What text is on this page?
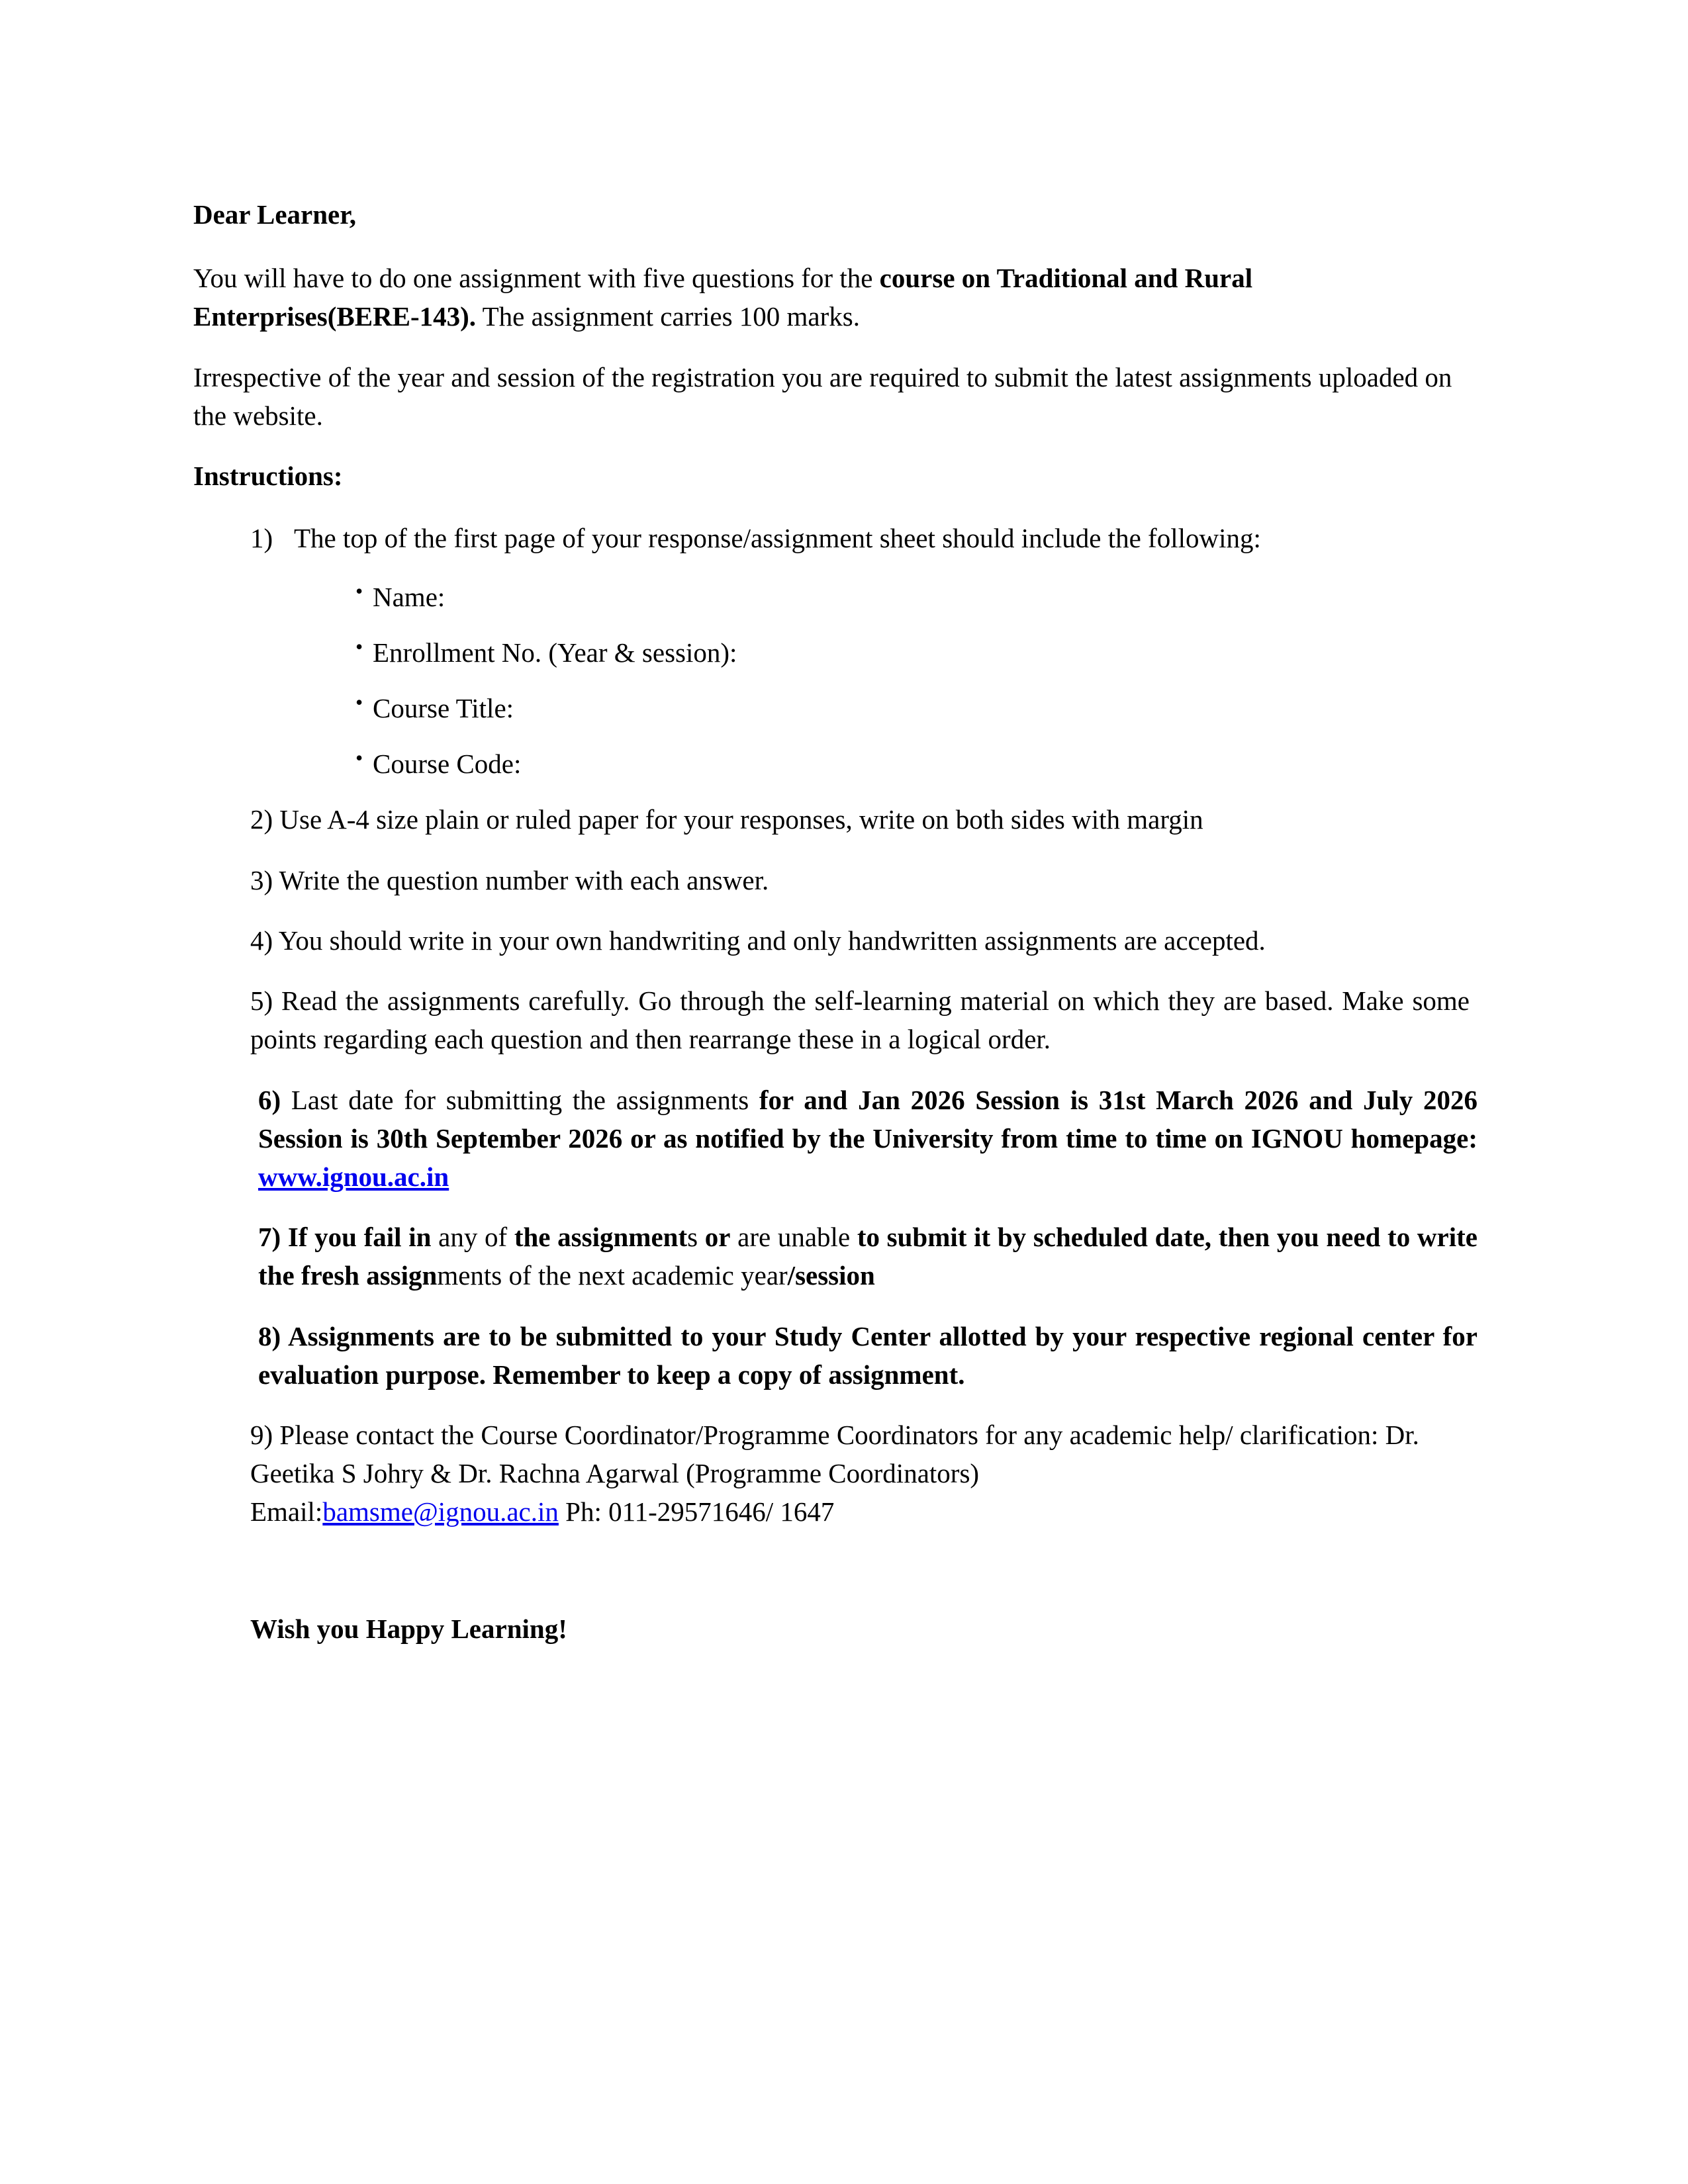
Dear Learner,

You will have to do one assignment with five questions for the course on Traditional and Rural Enterprises(BERE-143). The assignment carries 100 marks.

Irrespective of the year and session of the registration you are required to submit the latest assignments uploaded on the website.

Instructions:

1) The top of the first page of your response/assignment sheet should include the following:

• Name:
• Enrollment No. (Year & session):
• Course Title:
• Course Code:

2) Use A-4 size plain or ruled paper for your responses, write on both sides with margin

3) Write the question number with each answer.

4) You should write in your own handwriting and only handwritten assignments are accepted.

5) Read the assignments carefully. Go through the self-learning material on which they are based. Make some points regarding each question and then rearrange these in a logical order.

6) Last date for submitting the assignments for and Jan 2026 Session is 31st March 2026 and July 2026 Session is 30th September 2026 or as notified by the University from time to time on IGNOU homepage: www.ignou.ac.in

7) If you fail in any of the assignments or are unable to submit it by scheduled date, then you need to write the fresh assignments of the next academic year/session

8) Assignments are to be submitted to your Study Center allotted by your respective regional center for evaluation purpose. Remember to keep a copy of assignment.

9) Please contact the Course Coordinator/Programme Coordinators for any academic help/ clarification: Dr. Geetika S Johry & Dr. Rachna Agarwal (Programme Coordinators)

Email:bamsme@ignou.ac.in Ph: 011-29571646/ 1647

Wish you Happy Learning!
